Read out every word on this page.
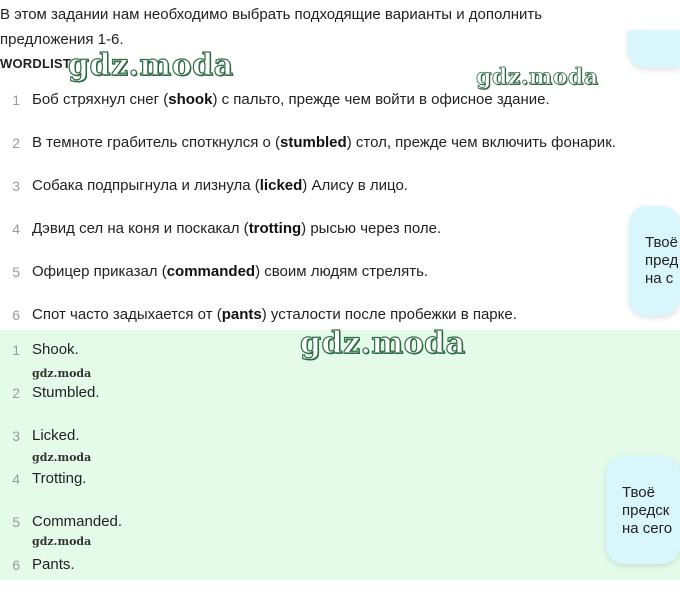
В этом задании нам необходимо выбрать подходящие варианты и дополнить
предложения 1-6.
WORDLIST
1 Боб стряхнул снег (shook) с пальто, прежде чем войти в офисное здание.
2 В темноте грабитель споткнулся о (stumbled) стол, прежде чем включить фонарик.
3 Собака подпрыгнула и лизнула (licked) Алису в лицо.
4 Дэвид сел на коня и поскакал (trotting) рысью через поле.
5 Офицер приказал (commanded) своим людям стрелять.
6 Спот часто задыхается от (pants) усталости после пробежки в парке.
1 Shook.
2 Stumbled.
3 Licked.
4 Trotting.
5 Commanded.
6 Pants.
gdz.moda	gdz.moda
gdz.moda
gdz.moda
gdz.moda
gdz.moda
Твоё
пред
на с
Твоё
предск
на сего
